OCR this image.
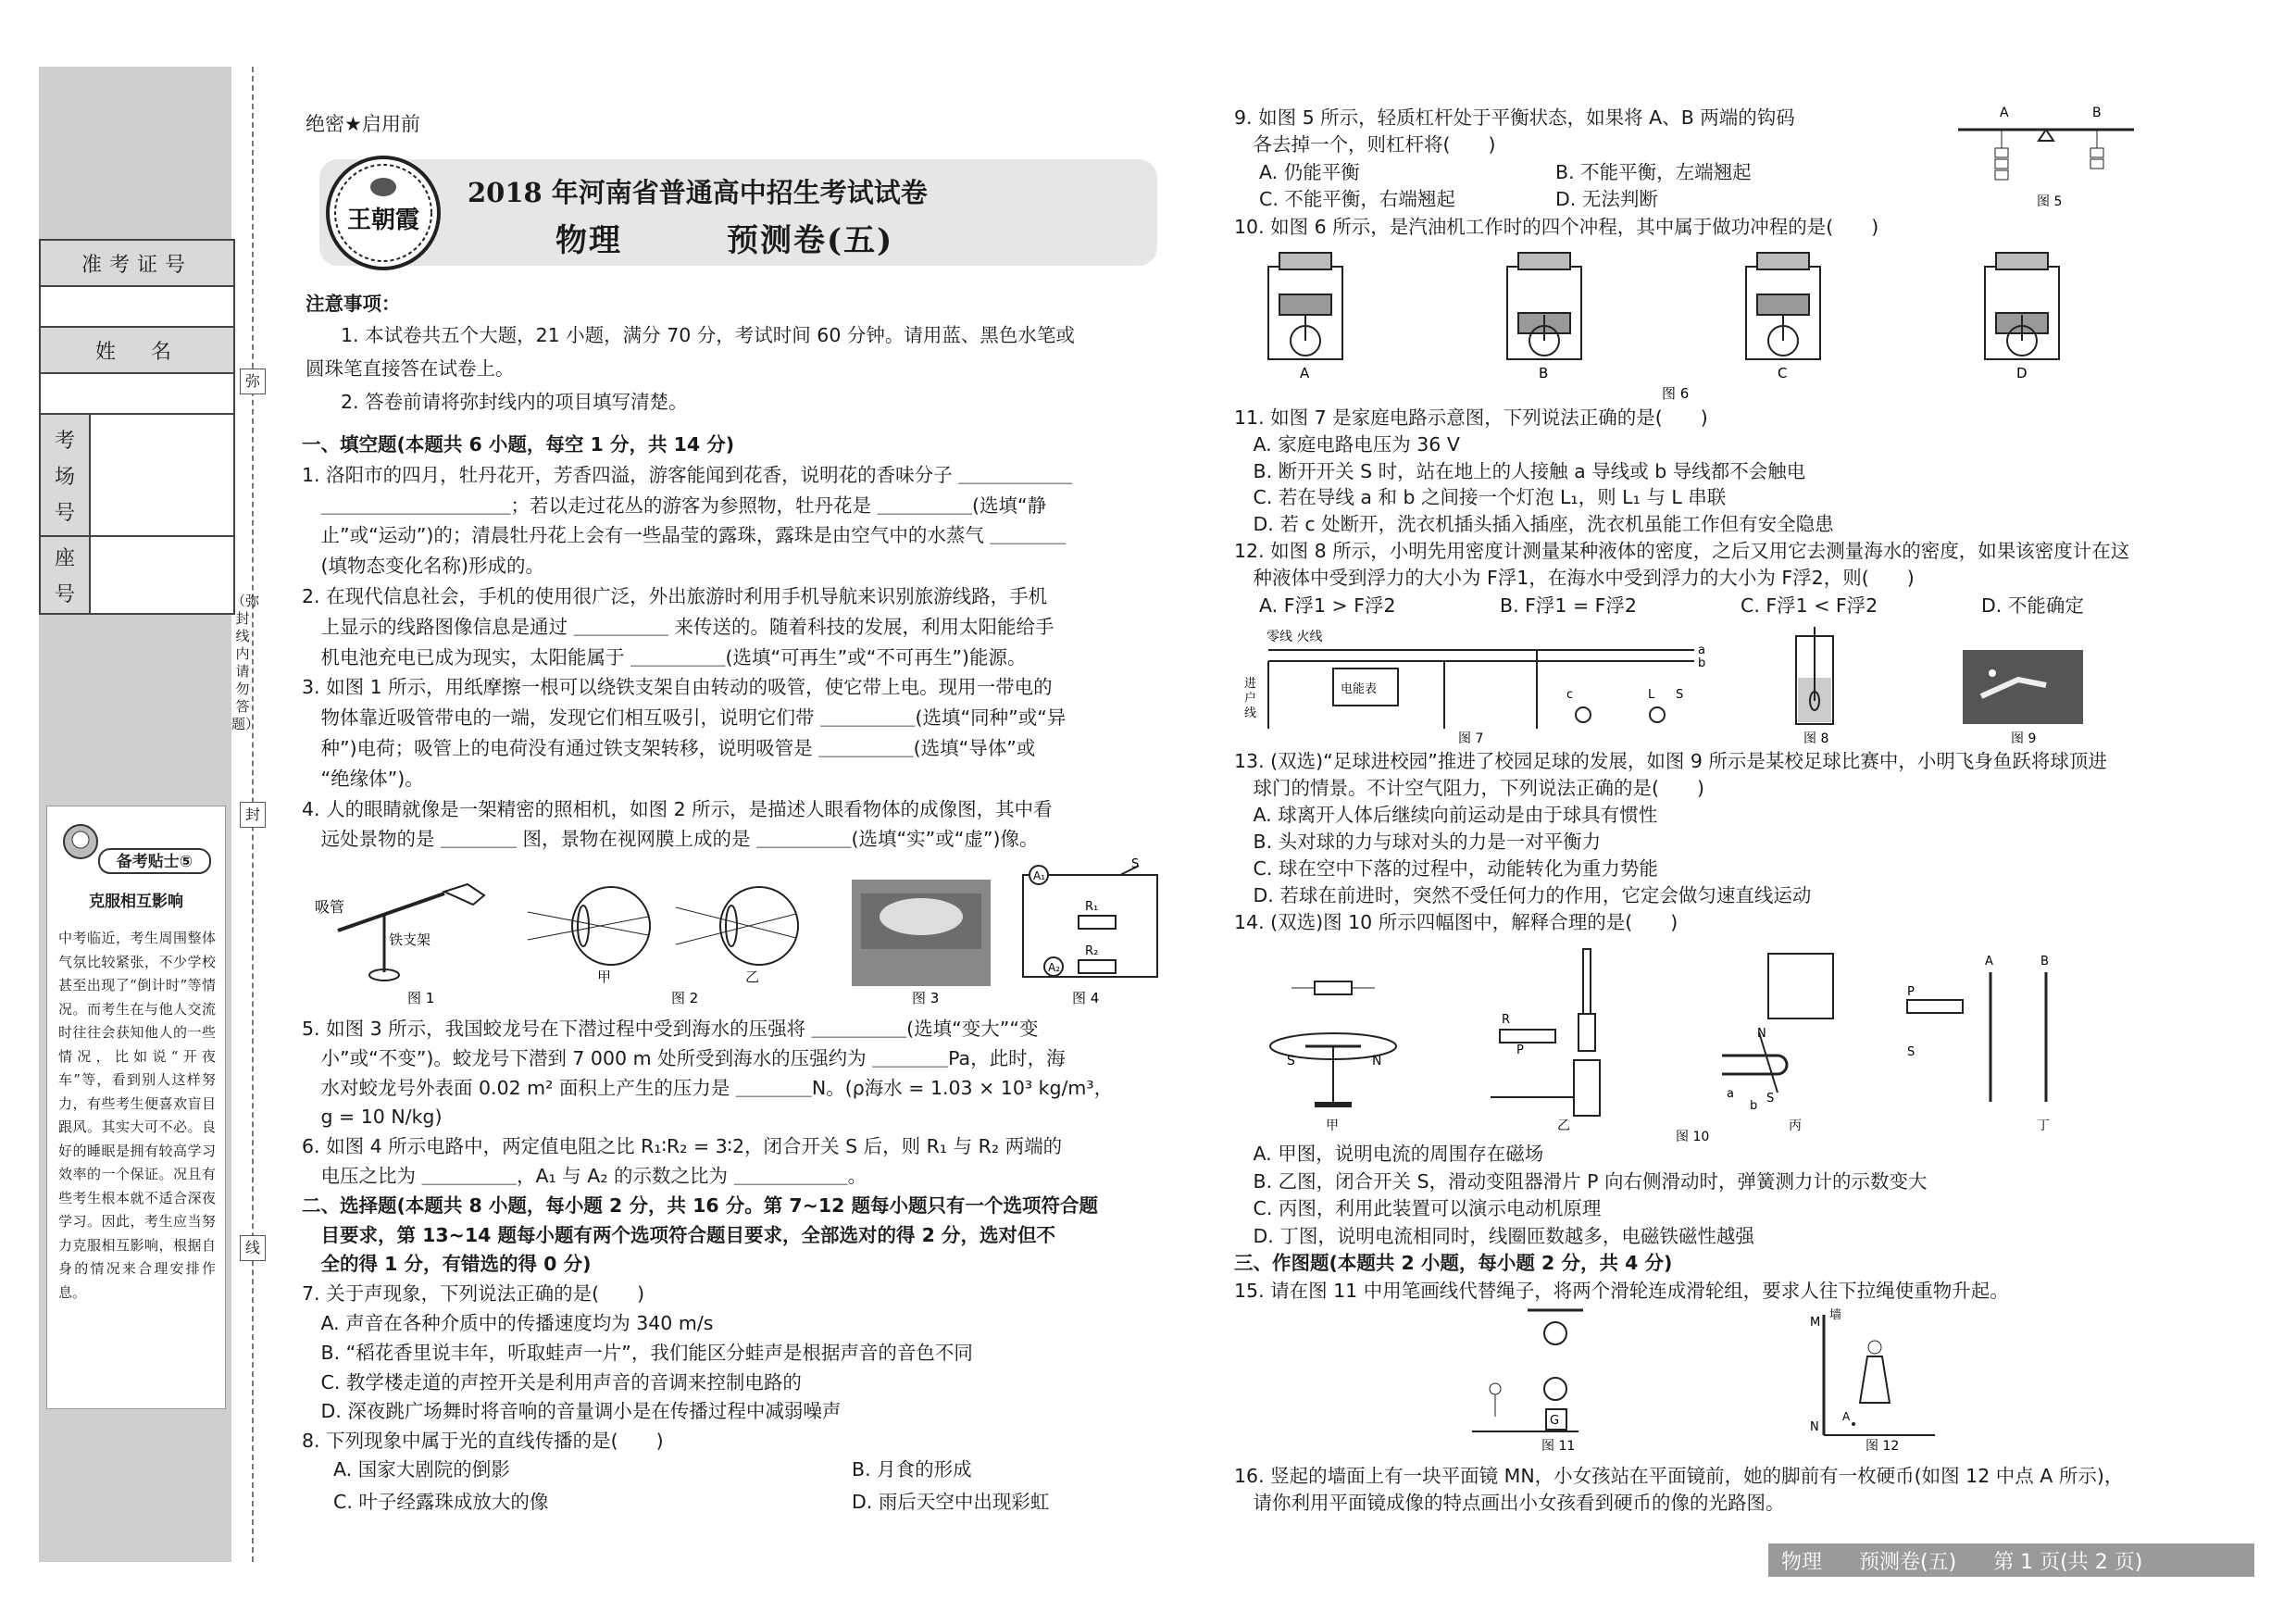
准考证号
姓　名
考
场
号
座
号
备考贴士⑤
克服相互影响
中考临近，考生周围整体气氛比较紧张，不少学校甚至出现了“倒计时”等情况。而考生在与他人交流时往往会获知他人的一些情况，比如说“开夜车”等，看到别人这样努力，有些考生便喜欢盲目跟风。其实大可不必。良好的睡眠是拥有较高学习效率的一个保证。况且有些考生根本就不适合深夜学习。因此，考生应当努力克服相互影响，根据自身的情况来合理安排作息。
弥
封
线
（弥封线内请勿答题）
绝密★启用前
王朝霞
2018 年河南省普通高中招生考试试卷
物理	预测卷(五)
注意事项：
1. 本试卷共五个大题，21 小题，满分 70 分，考试时间 60 分钟。请用蓝、黑色水笔或
圆珠笔直接答在试卷上。
2. 答卷前请将弥封线内的项目填写清楚。
一、填空题(本题共 6 小题，每空 1 分，共 14 分)
1. 洛阳市的四月，牡丹花开，芳香四溢，游客能闻到花香，说明花的香味分子 ＿＿＿＿＿＿
　＿＿＿＿＿＿＿＿＿＿；若以走过花丛的游客为参照物，牡丹花是 ＿＿＿＿＿(选填“静
　止”或“运动”)的；清晨牡丹花上会有一些晶莹的露珠，露珠是由空气中的水蒸气 ＿＿＿＿
　(填物态变化名称)形成的。
2. 在现代信息社会，手机的使用很广泛，外出旅游时利用手机导航来识别旅游线路，手机
　上显示的线路图像信息是通过 ＿＿＿＿＿ 来传送的。随着科技的发展，利用太阳能给手
　机电池充电已成为现实，太阳能属于 ＿＿＿＿＿(选填“可再生”或“不可再生”)能源。
3. 如图 1 所示，用纸摩擦一根可以绕铁支架自由转动的吸管，使它带上电。现用一带电的
　物体靠近吸管带电的一端，发现它们相互吸引，说明它们带 ＿＿＿＿＿(选填“同种”或“异
　种”)电荷；吸管上的电荷没有通过铁支架转移，说明吸管是 ＿＿＿＿＿(选填“导体”或
　“绝缘体”)。
4. 人的眼睛就像是一架精密的照相机，如图 2 所示，是描述人眼看物体的成像图，其中看
　远处景物的是 ＿＿＿＿ 图，景物在视网膜上成的是 ＿＿＿＿＿(选填“实”或“虚”)像。
吸管
铁支架
图 1
甲	乙
图 2	图 3
A₁
S
R₁
R₂
A₂
图 4
5. 如图 3 所示，我国蛟龙号在下潜过程中受到海水的压强将 ＿＿＿＿＿(选填“变大”“变
　小”或“不变”)。蛟龙号下潜到 7 000 m 处所受到海水的压强约为 ＿＿＿＿Pa，此时，海
　水对蛟龙号外表面 0.02 m² 面积上产生的压力是 ＿＿＿＿N。(ρ海水 = 1.03 × 10³ kg/m³，
　g = 10 N/kg)
6. 如图 4 所示电路中，两定值电阻之比 R₁∶R₂ = 3∶2，闭合开关 S 后，则 R₁ 与 R₂ 两端的
　电压之比为 ＿＿＿＿＿，A₁ 与 A₂ 的示数之比为 ＿＿＿＿＿＿。
二、选择题(本题共 8 小题，每小题 2 分，共 16 分。第 7~12 题每小题只有一个选项符合题
　目要求，第 13~14 题每小题有两个选项符合题目要求，全部选对的得 2 分，选对但不
　全的得 1 分，有错选的得 0 分)
7. 关于声现象，下列说法正确的是(　　)
　A. 声音在各种介质中的传播速度均为 340 m/s
　B. “稻花香里说丰年，听取蛙声一片”，我们能区分蛙声是根据声音的音色不同
　C. 教学楼走道的声控开关是利用声音的音调来控制电路的
　D. 深夜跳广场舞时将音响的音量调小是在传播过程中减弱噪声
8. 下列现象中属于光的直线传播的是(　　)
A. 国家大剧院的倒影	B. 月食的形成
C. 叶子经露珠成放大的像	D. 雨后天空中出现彩虹
9. 如图 5 所示，轻质杠杆处于平衡状态，如果将 A、B 两端的钩码
　各去掉一个，则杠杆将(　　)
A. 仍能平衡	B. 不能平衡，左端翘起
C. 不能平衡，右端翘起	D. 无法判断
A	B
图 5
10. 如图 6 所示，是汽油机工作时的四个冲程，其中属于做功冲程的是(　　)
A	B	C	D
图 6
11. 如图 7 是家庭电路示意图，下列说法正确的是(　　)
　A. 家庭电路电压为 36 V
　B. 断开开关 S 时，站在地上的人接触 a 导线或 b 导线都不会触电
　C. 若在导线 a 和 b 之间接一个灯泡 L₁，则 L₁ 与 L 串联
　D. 若 c 处断开，洗衣机插头插入插座，洗衣机虽能工作但有安全隐患
12. 如图 8 所示，小明先用密度计测量某种液体的密度，之后又用它去测量海水的密度，如果该密度计在这
　种液体中受到浮力的大小为 F浮1，在海水中受到浮力的大小为 F浮2，则(　　)
A. F浮1 > F浮2	B. F浮1 = F浮2	C. F浮1 < F浮2	D. 不能确定
零线 火线
电能表
进
户
线
c	L S
a
b
图 7	图 8	图 9
13. (双选)“足球进校园”推进了校园足球的发展，如图 9 所示是某校足球比赛中，小明飞身鱼跃将球顶进
　球门的情景。不计空气阻力，下列说法正确的是(　　)
　A. 球离开人体后继续向前运动是由于球具有惯性
　B. 头对球的力与球对头的力是一对平衡力
　C. 球在空中下落的过程中，动能转化为重力势能
　D. 若球在前进时，突然不受任何力的作用，它定会做匀速直线运动
14. (双选)图 10 所示四幅图中，解释合理的是(　　)
S	N
甲
R
P
乙
N
S
a
b
丙
P
A	B
S
丁
图 10
　A. 甲图，说明电流的周围存在磁场
　B. 乙图，闭合开关 S，滑动变阻器滑片 P 向右侧滑动时，弹簧测力计的示数变大
　C. 丙图，利用此装置可以演示电动机原理
　D. 丁图，说明电流相同时，线圈匝数越多，电磁铁磁性越强
三、作图题(本题共 2 小题，每小题 2 分，共 4 分)
15. 请在图 11 中用笔画线代替绳子，将两个滑轮连成滑轮组，要求人往下拉绳使重物升起。
G
图 11
M
N
墙
A
图 12
16. 竖起的墙面上有一块平面镜 MN，小女孩站在平面镜前，她的脚前有一枚硬币(如图 12 中点 A 所示)，
　请你利用平面镜成像的特点画出小女孩看到硬币的像的光路图。
物理 预测卷(五) 第 1 页(共 2 页)
